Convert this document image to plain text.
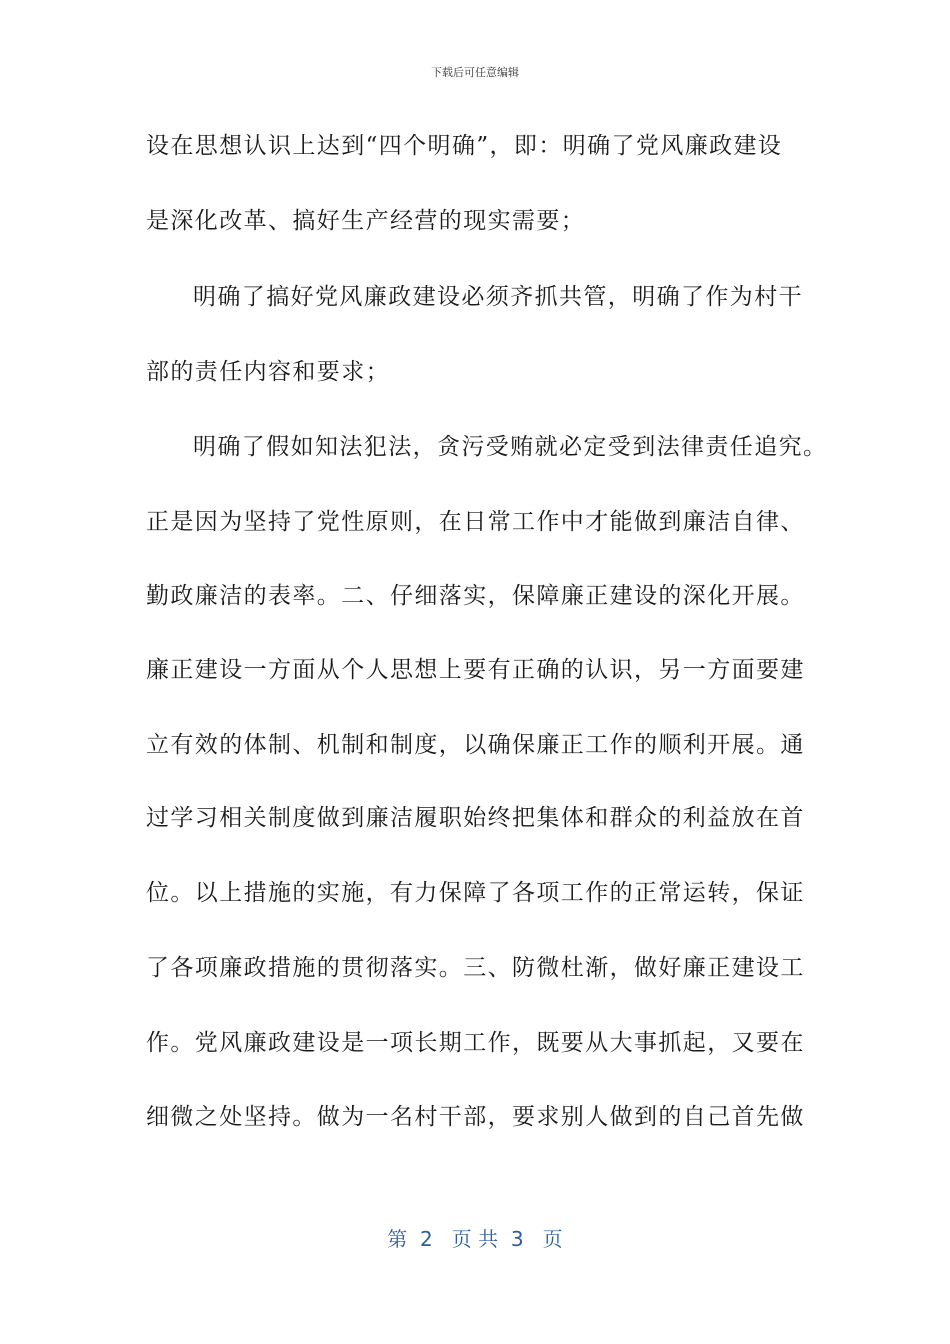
下载后可任意编辑
设在思想认识上达到“四个明确”，即：明确了党风廉政建设
是深化改革、搞好生产经营的现实需要；
明确了搞好党风廉政建设必须齐抓共管，明确了作为村干
部的责任内容和要求；
明确了假如知法犯法，贪污受贿就必定受到法律责任追究。
正是因为坚持了党性原则，在日常工作中才能做到廉洁自律、
勤政廉洁的表率。二、仔细落实，保障廉正建设的深化开展。
廉正建设一方面从个人思想上要有正确的认识，另一方面要建
立有效的体制、机制和制度，以确保廉正工作的顺利开展。通
过学习相关制度做到廉洁履职始终把集体和群众的利益放在首
位。以上措施的实施，有力保障了各项工作的正常运转，保证
了各项廉政措施的贯彻落实。三、防微杜渐，做好廉正建设工
作。党风廉政建设是一项长期工作，既要从大事抓起，又要在
细微之处坚持。做为一名村干部，要求别人做到的自己首先做
第  2   页 共  3   页
